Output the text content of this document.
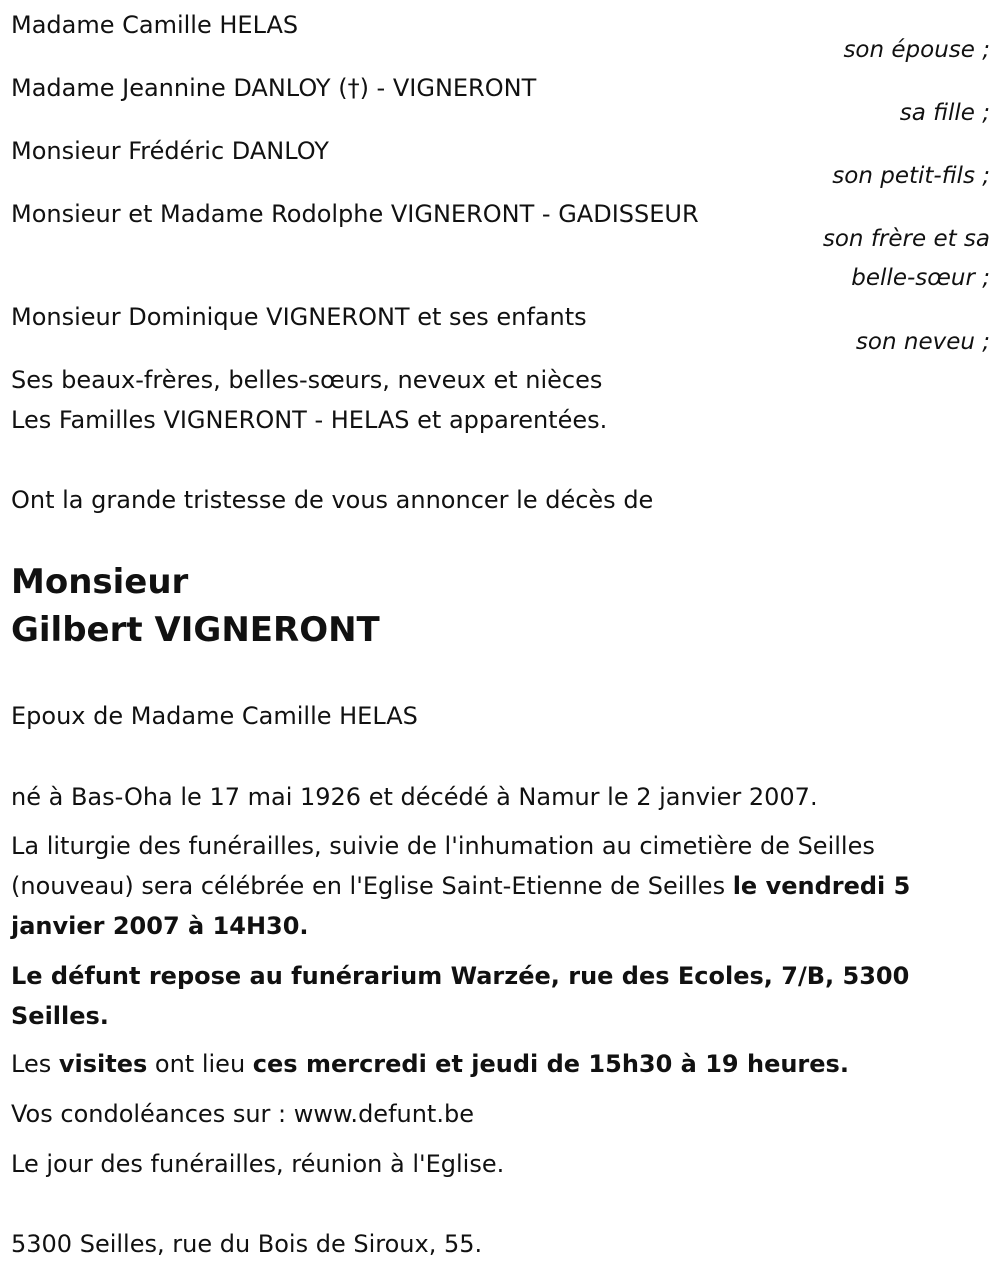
Madame Camille HELAS
son épouse ;
Madame Jeannine DANLOY (†) - VIGNERONT
sa fille ;
Monsieur Frédéric DANLOY
son petit-fils ;
Monsieur et Madame Rodolphe VIGNERONT - GADISSEUR
son frère et sa
belle-sœur ;
Monsieur Dominique VIGNERONT et ses enfants
son neveu ;
Ses beaux-frères, belles-sœurs, neveux et nièces
Les Familles VIGNERONT - HELAS et apparentées.
Ont la grande tristesse de vous annoncer le décès de
Monsieur
Gilbert VIGNERONT
Epoux de Madame Camille HELAS
né à Bas-Oha le 17 mai 1926 et décédé à Namur le 2 janvier 2007.
La liturgie des funérailles, suivie de l'inhumation au cimetière de Seilles (nouveau) sera célébrée en l'Eglise Saint-Etienne de Seilles le vendredi 5 janvier 2007 à 14H30.
Le défunt repose au funérarium Warzée, rue des Ecoles, 7/B, 5300 Seilles.
Les visites ont lieu ces mercredi et jeudi de 15h30 à 19 heures.
Vos condoléances sur : www.defunt.be
Le jour des funérailles, réunion à l'Eglise.
5300 Seilles, rue du Bois de Siroux, 55.
